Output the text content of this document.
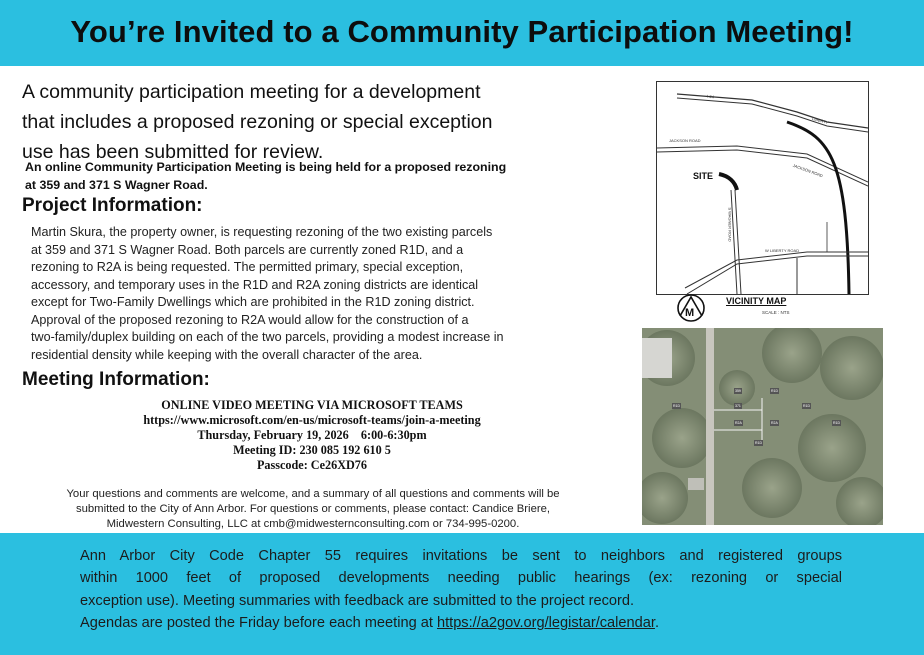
You’re Invited to a Community Participation Meeting!
A community participation meeting for a development
that includes a proposed rezoning or special exception
use has been submitted for review.
An online Community Participation Meeting is being held for a proposed rezoning
at 359 and 371 S Wagner Road.
Project Information:
Martin Skura, the property owner, is requesting rezoning of the two existing parcels
at 359 and 371 S Wagner Road. Both parcels are currently zoned R1D, and a
rezoning to R2A is being requested. The permitted primary, special exception,
accessory, and temporary uses in the R1D and R2A zoning districts are identical
except for Two-Family Dwellings which are prohibited in the R1D zoning district.
Approval of the proposed rezoning to R2A would allow for the construction of a
two-family/duplex building on each of the two parcels, providing a modest increase in
residential density while keeping with the overall character of the area.
Meeting Information:
ONLINE VIDEO MEETING VIA MICROSOFT TEAMS
https://www.microsoft.com/en-us/microsoft-teams/join-a-meeting
Thursday, February 19, 2026    6:00-6:30pm
Meeting ID: 230 085 192 610 5
Passcode: Ce26XD76
Your questions and comments are welcome, and a summary of all questions and comments will be
submitted to the City of Ann Arbor. For questions or comments, please contact: Candice Briere,
Midwestern Consulting, LLC at cmb@midwesternconsulting.com or 734-995-0200.
SITE
I-94
JACKSON ROAD
JACKSON ROAD
S WAGNER ROAD
W LIBERTY ROAD
LIBERTY
M
VICINITY MAP
SCALE : NTS
359
371
R1D
R1D
R2A	R2A
R1D
R1D
R1D
Ann Arbor City Code Chapter 55 requires invitations be sent to neighbors and registered groups
within 1000 feet of proposed developments needing public hearings (ex: rezoning or special
exception use). Meeting summaries with feedback are submitted to the project record.
Agendas are posted the Friday before each meeting at https://a2gov.org/legistar/calendar.
